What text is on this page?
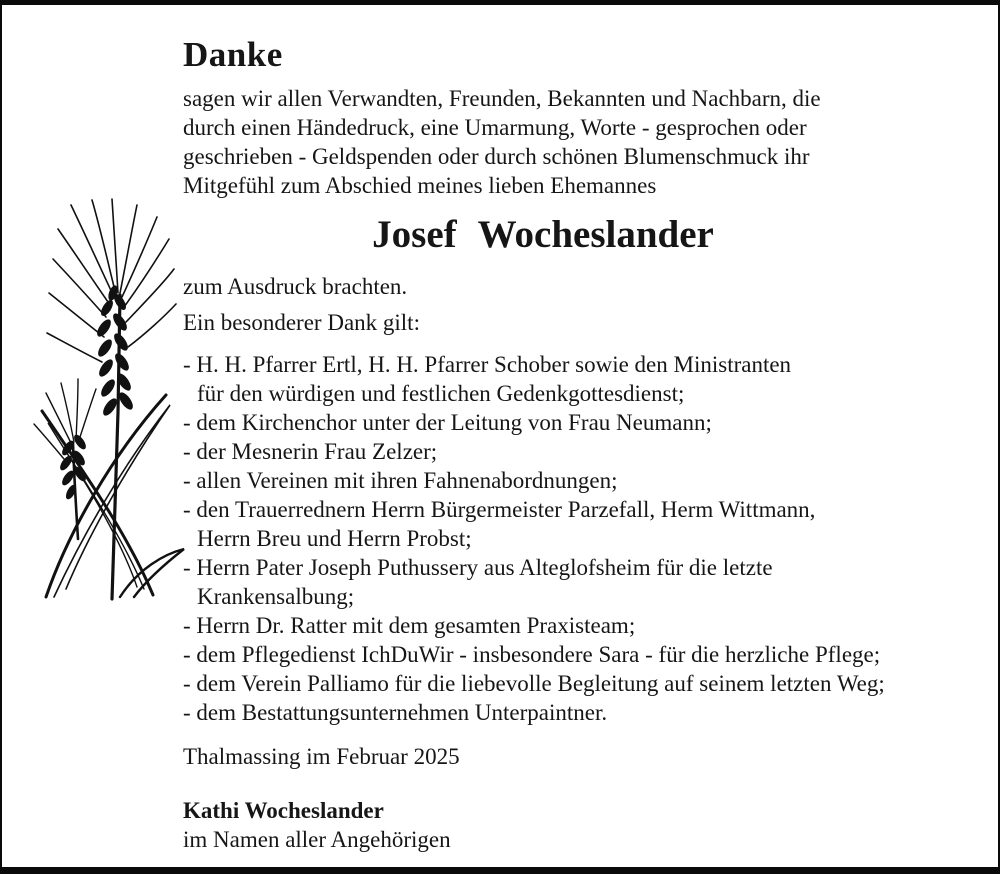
Danke
sagen wir allen Verwandten, Freunden, Bekannten und Nachbarn, die
durch einen Händedruck, eine Umarmung, Worte - gesprochen oder
geschrieben - Geldspenden oder durch schönen Blumenschmuck ihr
Mitgefühl zum Abschied meines lieben Ehemannes
Josef Wocheslander
zum Ausdruck brachten.
Ein besonderer Dank gilt:
- H. H. Pfarrer Ertl, H. H. Pfarrer Schober sowie den Ministranten
für den würdigen und festlichen Gedenkgottesdienst;
- dem Kirchenchor unter der Leitung von Frau Neumann;
- der Mesnerin Frau Zelzer;
- allen Vereinen mit ihren Fahnenabordnungen;
- den Trauerrednern Herrn Bürgermeister Parzefall, Herm Wittmann,
Herrn Breu und Herrn Probst;
- Herrn Pater Joseph Puthussery aus Alteglofsheim für die letzte
Krankensalbung;
- Herrn Dr. Ratter mit dem gesamten Praxisteam;
- dem Pflegedienst IchDuWir - insbesondere Sara - für die herzliche Pflege;
- dem Verein Palliamo für die liebevolle Begleitung auf seinem letzten Weg;
- dem Bestattungsunternehmen Unterpaintner.
Thalmassing im Februar 2025
Kathi Wocheslander
im Namen aller Angehörigen
